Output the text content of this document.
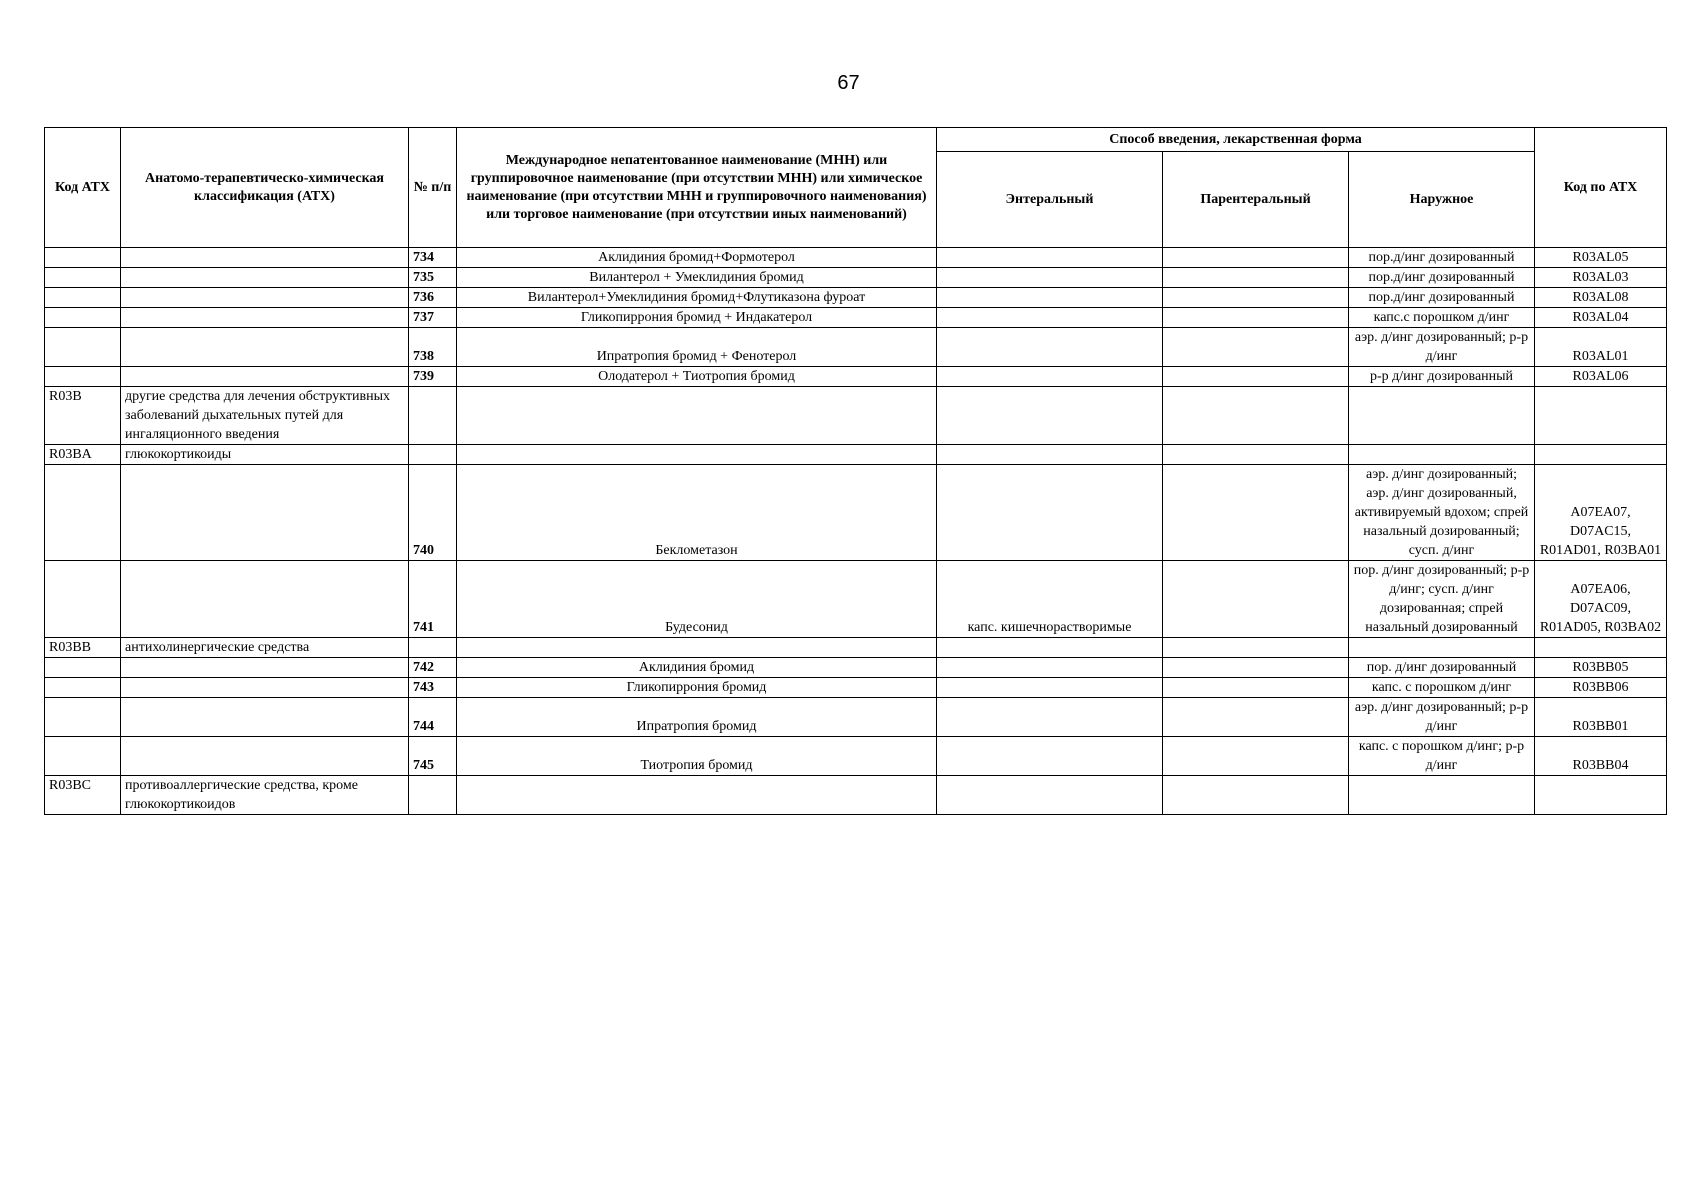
67
Код АТХ	Анатомо-терапевтическо-химическая классификация (АТХ)	№ п/п	Международное непатентованное наименование (МНН) или группировочное наименование (при отсутствии МНН) или химическое наименование (при отсутствии МНН и группировочного наименования) или торговое наименование (при отсутствии иных наименований)	Способ введения, лекарственная форма			Код по АТХ
				Энтеральный	Парентеральный	Наружное	
		734	Аклидиния бромид+Формотерол			пор.д/инг дозированный	R03AL05
		735	Вилантерол + Умеклидиния бромид			пор.д/инг дозированный	R03AL03
		736	Вилантерол+Умеклидиния бромид+Флутиказона фуроат			пор.д/инг дозированный	R03AL08
		737	Гликопиррония бромид + Индакатерол			капс.с порошком д/инг	R03AL04
		738	Ипратропия бромид + Фенотерол			аэр. д/инг дозированный; р-р д/инг	R03AL01
		739	Олодатерол + Тиотропия бромид			р-р д/инг дозированный	R03AL06
R03B	другие средства для лечения обструктивных заболеваний дыхательных путей для ингаляционного введения						
R03BA	глюкокортикоиды						
		740	Беклометазон			аэр. д/инг дозированный; аэр. д/инг дозированный, активируемый вдохом; спрей назальный дозированный; сусп. д/инг	A07EA07, D07AC15, R01AD01, R03BA01
		741	Будесонид	капс. кишечнорастворимые		пор. д/инг дозированный; р-р д/инг; сусп. д/инг дозированная; спрей назальный дозированный	A07EA06, D07AC09, R01AD05, R03BA02
R03BB	антихолинергические средства						
		742	Аклидиния бромид			пор. д/инг дозированный	R03BB05
		743	Гликопиррония бромид			капс. с порошком д/инг	R03BB06
		744	Ипратропия бромид			аэр. д/инг дозированный; р-р д/инг	R03BB01
		745	Тиотропия бромид			капс. с порошком д/инг; р-р д/инг	R03BB04
R03BC	противоаллергические средства, кроме глюкокортикоидов						
